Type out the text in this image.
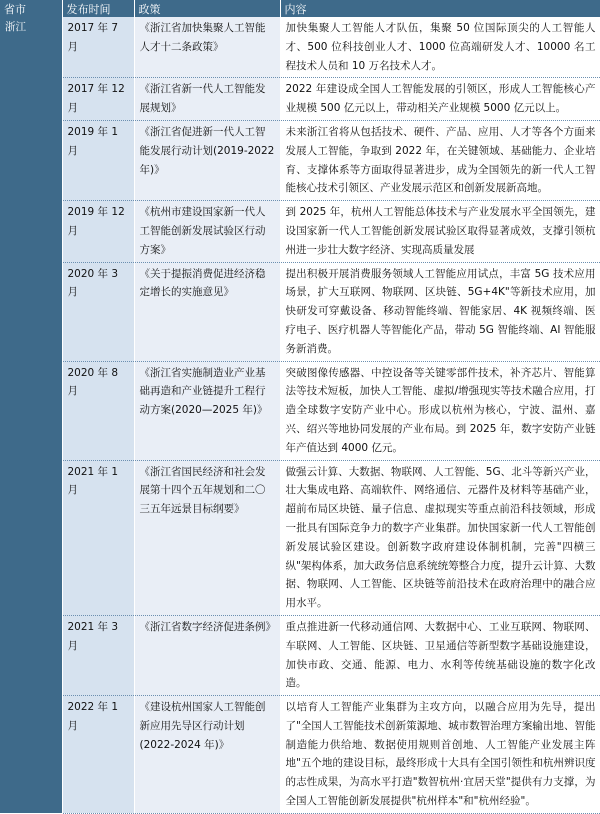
省市	发布时间	政策	内容
浙江	2017 年 7 月	《浙江省加快集聚人工智能人才十二条政策》	加快集聚人工智能人才队伍，集聚 50 位国际顶尖的人工智能人才、500 位科技创业人才、1000 位高端研发人才、10000 名工程技术人员和 10 万名技术人才。
	2017 年 12 月	《浙江省新一代人工智能发展规划》	2022 年建设成全国人工智能发展的引领区，形成人工智能核心产业规模 500 亿元以上，带动相关产业规模 5000 亿元以上。
	2019 年 1 月	《浙江省促进新一代人工智能发展行动计划(2019-2022年)》	未来浙江省将从包括技术、硬件、产品、应用、人才等各个方面来发展人工智能，争取到 2022 年，在关键领域、基础能力、企业培育、支撑体系等方面取得显著进步，成为全国领先的新一代人工智能核心技术引领区、产业发展示范区和创新发展新高地。
	2019 年 12 月	《杭州市建设国家新一代人工智能创新发展试验区行动方案》	到 2025 年，杭州人工智能总体技术与产业发展水平全国领先，建设国家新一代人工智能创新发展试验区取得显著成效，支撑引领杭州进一步壮大数字经济、实现高质量发展
	2020 年 3 月	《关于提振消费促进经济稳定增长的实施意见》	提出积极开展消费服务领域人工智能应用试点，丰富 5G 技术应用场景，扩大互联网、物联网、区块链、5G+4K"等新技术应用，加快研发可穿戴设备、移动智能终端、智能家居、4K 视频终端、医疗电子、医疗机器人等智能化产品，带动 5G 智能终端、AI 智能服务新消费。
	2020 年 8 月	《浙江省实施制造业产业基础再造和产业链提升工程行动方案(2020—2025 年)》	突破图像传感器、中控设备等关键零部件技术，补齐芯片、智能算法等技术短板，加快人工智能、虚拟/增强现实等技术融合应用，打造全球数字安防产业中心。形成以杭州为核心，宁波、温州、嘉兴、绍兴等地协同发展的产业布局。到 2025 年，数字安防产业链年产值达到 4000 亿元。
	2021 年 1 月	《浙江省国民经济和社会发展第十四个五年规划和二〇三五年远景目标纲要》	做强云计算、大数据、物联网、人工智能、5G、北斗等新兴产业，壮大集成电路、高端软件、网络通信、元器件及材料等基础产业，超前布局区块链、量子信息、虚拟现实等重点前沿科技领域，形成一批具有国际竞争力的数字产业集群。加快国家新一代人工智能创新发展试验区建设。创新数字政府建设体制机制，完善"四横三纵"架构体系，加大政务信息系统统筹整合力度，提升云计算、大数据、物联网、人工智能、区块链等前沿技术在政府治理中的融合应用水平。
	2021 年 3 月	《浙江省数字经济促进条例》	重点推进新一代移动通信网、大数据中心、工业互联网、物联网、车联网、人工智能、区块链、卫星通信等新型数字基础设施建设，加快市政、交通、能源、电力、水利等传统基础设施的数字化改造。
	2022 年 1 月	《建设杭州国家人工智能创新应用先导区行动计划(2022-2024 年)》	以培育人工智能产业集群为主攻方向，以融合应用为先导，提出了"全国人工智能技术创新策源地、城市数智治理方案输出地、智能制造能力供给地、数据使用规则首创地、人工智能产业发展主阵地"五个地的建设目标，最终形成十大具有全国引领性和杭州辨识度的志性成果，为高水平打造"数智杭州·宜居天堂"提供有力支撑，为全国人工智能创新发展提供"杭州样本"和"杭州经验"。
